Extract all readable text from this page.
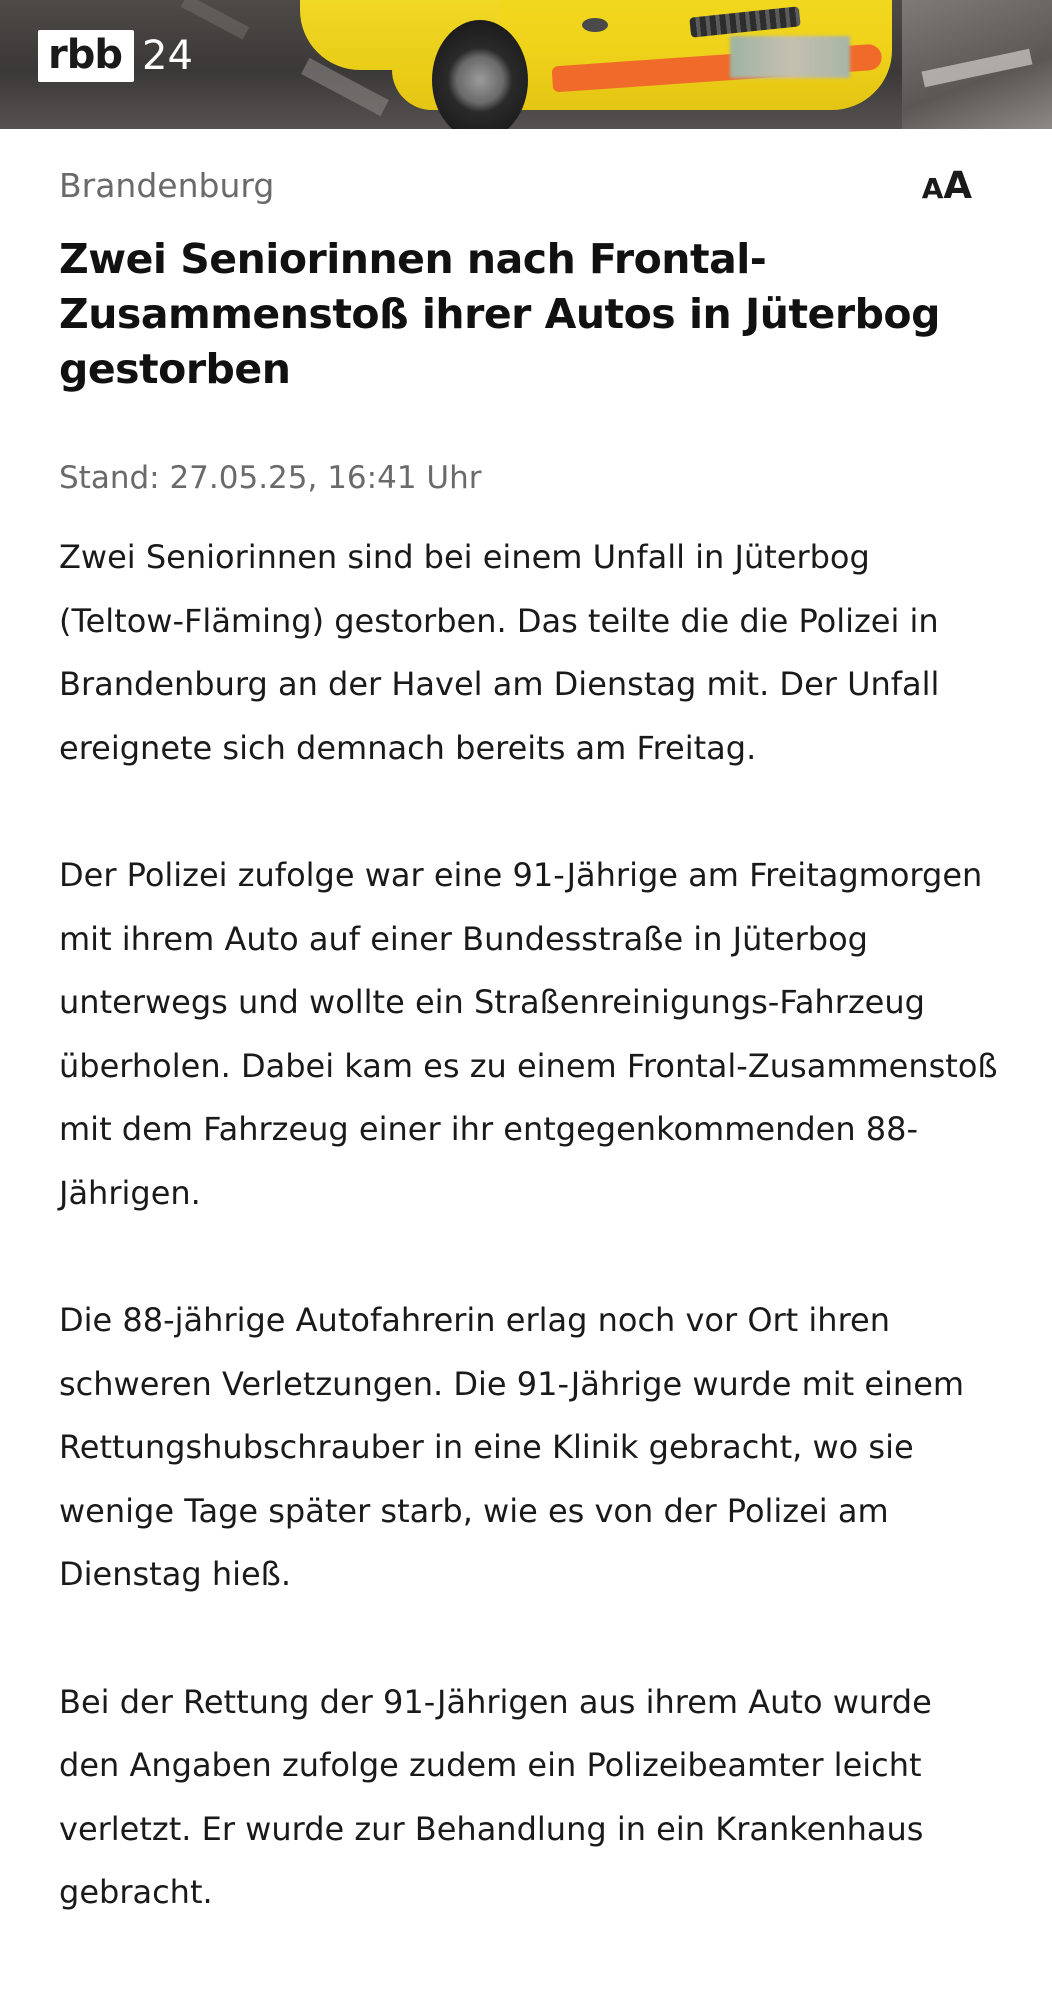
rbb 24
Brandenburg	A A
Zwei Seniorinnen nach Frontal-
Zusammenstoß ihrer Autos in Jüterbog
gestorben
Stand: 27.05.25, 16:41 Uhr

Zwei Seniorinnen sind bei einem Unfall in Jüterbog (Teltow-Fläming) gestorben. Das teilte die die Polizei in Brandenburg an der Havel am Dienstag mit. Der Unfall ereignete sich demnach bereits am Freitag.

Der Polizei zufolge war eine 91-Jährige am Freitagmorgen mit ihrem Auto auf einer Bundesstraße in Jüterbog unterwegs und wollte ein Straßenreinigungs-Fahrzeug überholen. Dabei kam es zu einem Frontal-Zusammenstoß mit dem Fahrzeug einer ihr entgegenkommenden 88-Jährigen.

Die 88-jährige Autofahrerin erlag noch vor Ort ihren schweren Verletzungen. Die 91-Jährige wurde mit einem Rettungshubschrauber in eine Klinik gebracht, wo sie wenige Tage später starb, wie es von der Polizei am Dienstag hieß.

Bei der Rettung der 91-Jährigen aus ihrem Auto wurde den Angaben zufolge zudem ein Polizeibeamter leicht verletzt. Er wurde zur Behandlung in ein Krankenhaus gebracht.
